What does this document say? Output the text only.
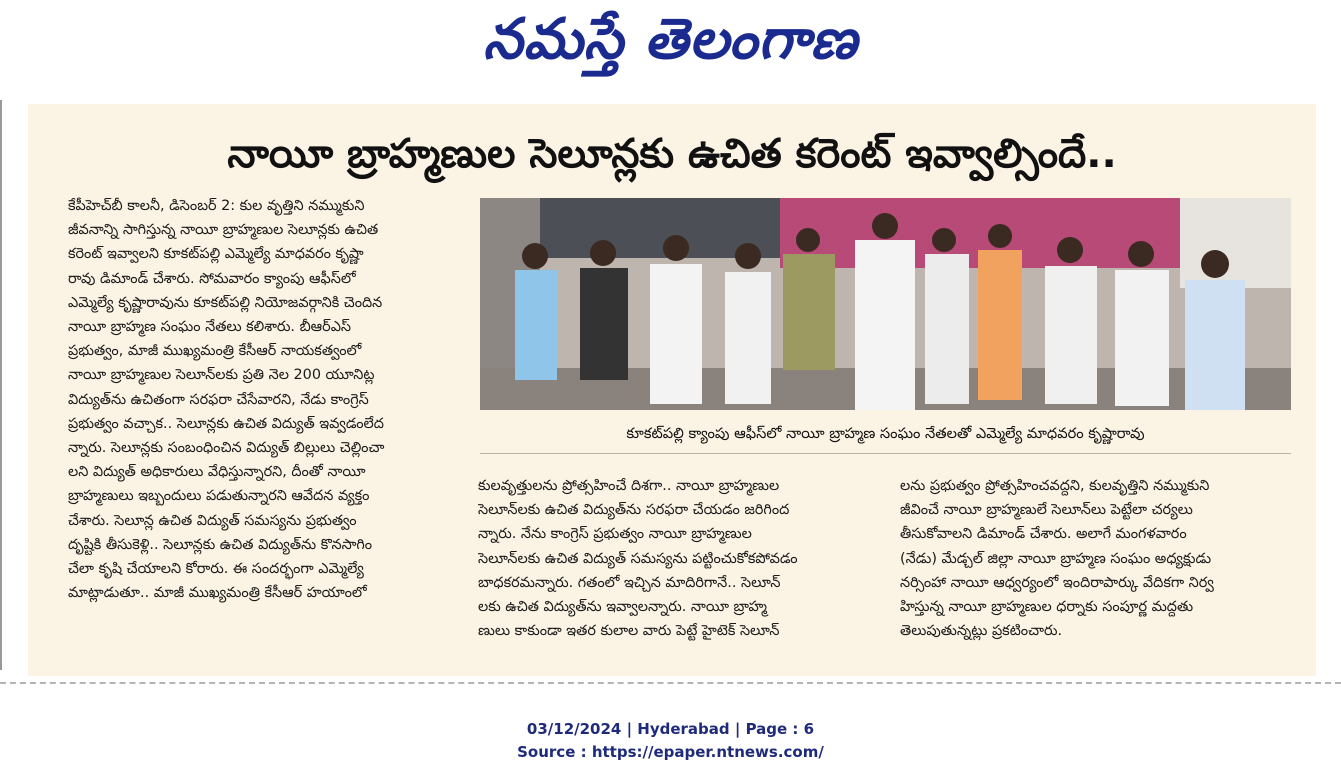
నమస్తే తెలంగాణ
నాయీ బ్రాహ్మణుల సెలూన్లకు ఉచిత కరెంట్‌ ఇవ్వాల్సిందే..
కేపీహెచ్‌బీ కాలనీ, డిసెంబర్‌ 2: కుల వృత్తిని నమ్ముకుని
జీవనాన్ని సాగిస్తున్న నాయీ బ్రాహ్మణుల సెలూన్లకు ఉచిత
కరెంట్‌ ఇవ్వాలని కూకట్‌పల్లి ఎమ్మెల్యే మాధవరం కృష్ణా
రావు డిమాండ్‌ చేశారు. సోమవారం క్యాంపు ఆఫీస్‌లో
ఎమ్మెల్యే కృష్ణారావును కూకట్‌పల్లి నియోజవర్గానికి చెందిన
నాయీ బ్రాహ్మణ సంఘం నేతలు కలిశారు. బీఆర్‌ఎస్‌
ప్రభుత్వం, మాజీ ముఖ్యమంత్రి కేసీఆర్‌ నాయకత్వంలో
నాయీ బ్రాహ్మణుల సెలూన్‌లకు ప్రతి నెల 200 యూనిట్ల
విద్యుత్‌ను ఉచితంగా సరఫరా చేసేవారని, నేడు కాంగ్రెస్‌
ప్రభుత్వం వచ్చాక.. సెలూన్లకు ఉచిత విద్యుత్‌ ఇవ్వడంలేద
న్నారు. సెలూన్లకు సంబంధించిన విద్యుత్‌ బిల్లులు చెల్లించా
లని విద్యుత్‌ అధికారులు వేధిస్తున్నారని, దీంతో నాయీ
బ్రాహ్మణులు ఇబ్బందులు పడుతున్నారని ఆవేదన వ్యక్తం
చేశారు. సెలూన్ల ఉచిత విద్యుత్‌ సమస్యను ప్రభుత్వం
దృష్టికి తీసుకెళ్లి.. సెలూన్లకు ఉచిత విద్యుత్‌ను కొనసాగిం
చేలా కృషి చేయాలని కోరారు. ఈ సందర్భంగా ఎమ్మెల్యే
మాట్లాడుతూ.. మాజీ ముఖ్యమంత్రి కేసీఆర్‌ హయాంలో
కూకట్‌పల్లి క్యాంపు ఆఫీస్‌లో నాయీ బ్రాహ్మణ సంఘం నేతలతో ఎమ్మెల్యే మాధవరం కృష్ణారావు
కులవృత్తులను ప్రోత్సహించే దిశగా.. నాయీ బ్రాహ్మణుల
సెలూన్‌లకు ఉచిత విద్యుత్‌ను సరఫరా చేయడం జరిగింద
న్నారు. నేను కాంగ్రెస్‌ ప్రభుత్వం నాయీ బ్రాహ్మణుల
సెలూన్‌లకు ఉచిత విద్యుత్‌ సమస్యను పట్టించుకోకపోవడం
బాధకరమన్నారు. గతంలో ఇచ్చిన మాదిరిగానే.. సెలూన్‌
లకు ఉచిత విద్యుత్‌ను ఇవ్వాలన్నారు. నాయీ బ్రాహ్మ
ణులు కాకుండా ఇతర కులాల వారు పెట్టే హైటెక్‌ సెలూన్‌
లను ప్రభుత్వం ప్రోత్సహించవద్దని, కులవృత్తిని నమ్ముకుని
జీవించే నాయీ బ్రాహ్మణులే సెలూన్‌లు పెట్టేలా చర్యలు
తీసుకోవాలని డిమాండ్‌ చేశారు. అలాగే మంగళవారం
(నేడు) మేడ్చల్‌ జిల్లా నాయీ బ్రాహ్మణ సంఘం అధ్యక్షుడు
నర్సింహా నాయీ ఆధ్వర్యంలో ఇందిరాపార్కు వేదికగా నిర్వ
హిస్తున్న నాయీ బ్రాహ్మణుల ధర్నాకు సంపూర్ణ మద్దతు
తెలుపుతున్నట్లు ప్రకటించారు.
03/12/2024 | Hyderabad | Page : 6
Source : https://epaper.ntnews.com/
